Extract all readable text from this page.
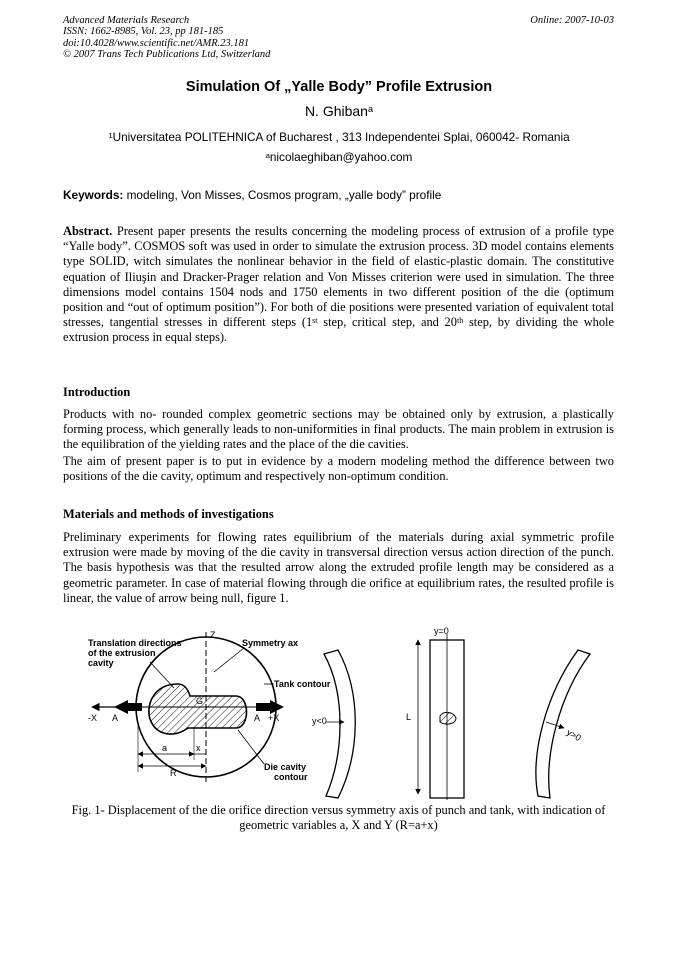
Advanced Materials Research
ISSN: 1662-8985, Vol. 23, pp 181-185
doi:10.4028/www.scientific.net/AMR.23.181
© 2007 Trans Tech Publications Ltd, Switzerland
Online: 2007-10-03
Simulation Of „Yalle Body” Profile Extrusion
N. Ghiban$^a$
$^1$Universitatea POLITEHNICA of Bucharest , 313 Independentei Splai, 060042- Romania
$^a$nicolaeghiban@yahoo.com
Keywords: modeling, Von Misses, Cosmos program, „yalle body” profile
Abstract. Present paper presents the results concerning the modeling process of extrusion of a profile type “Yalle body”. COSMOS soft was used in order to simulate the extrusion process. 3D model contains elements type SOLID, witch simulates the nonlinear behavior in the field of elastic-plastic domain. The constitutive equation of Iliuşin and Dracker-Prager relation and Von Misses criterion were used in simulation. The three dimensions model contains 1504 nods and 1750 elements in two different position of the die (optimum position and “out of optimum position”). For both of die positions were presented variation of equivalent total stresses, tangential stresses in different steps (1st step, critical step, and 20th step, by dividing the whole extrusion process in equal steps).
Introduction
Products with no- rounded complex geometric sections may be obtained only by extrusion, a plastically forming process, which generally leads to non-uniformities in final products. The main problem in extrusion is the equilibration of the yielding rates and the place of the die cavities.
The aim of present paper is to put in evidence by a modern modeling method the difference between two positions of the die cavity, optimum and respectively non-optimum condition.
Materials and methods of investigations
Preliminary experiments for flowing rates equilibrium of the materials during axial symmetric profile extrusion were made by moving of the die cavity in transversal direction versus action direction of the punch. The basis hypothesis was that the resulted arrow along the extruded profile length may be considered as a geometric parameter. In case of material flowing through die orifice at equilibrium rates, the resulted profile is linear, the value of arrow being null, figure 1.
Translation directions
of the extrusion
cavity
Symmetry ax
Tank contour
Die cavity
contour
Z
-X	+X
A	A
G
a	x
R
y<0
y=0
L
y>0
Fig. 1- Displacement of the die orifice direction versus symmetry axis of punch and tank, with indication of geometric variables a, X and Y (R=a+x)
